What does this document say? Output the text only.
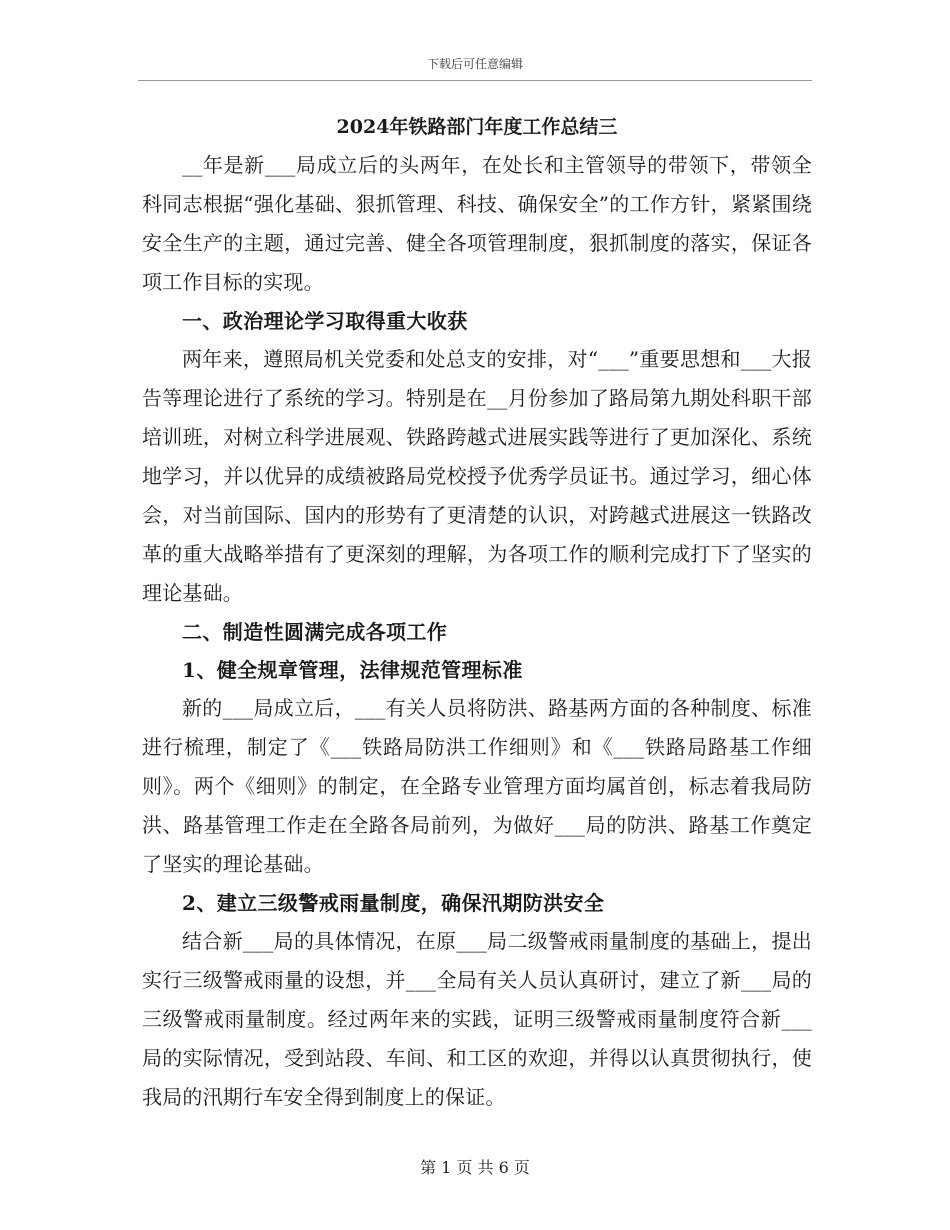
下载后可任意编辑

2024年铁路部门年度工作总结三

__年是新___局成立后的头两年，在处长和主管领导的带领下，带领全科同志根据“强化基础、狠抓管理、科技、确保安全”的工作方针，紧紧围绕安全生产的主题，通过完善、健全各项管理制度，狠抓制度的落实，保证各项工作目标的实现。

一、政治理论学习取得重大收获

两年来，遵照局机关党委和处总支的安排，对“___”重要思想和___大报告等理论进行了系统的学习。特别是在__月份参加了路局第九期处科职干部培训班，对树立科学进展观、铁路跨越式进展实践等进行了更加深化、系统地学习，并以优异的成绩被路局党校授予优秀学员证书。通过学习，细心体会，对当前国际、国内的形势有了更清楚的认识，对跨越式进展这一铁路改革的重大战略举措有了更深刻的理解，为各项工作的顺利完成打下了坚实的理论基础。

二、制造性圆满完成各项工作

1、健全规章管理，法律规范管理标准

新的___局成立后，___有关人员将防洪、路基两方面的各种制度、标准进行梳理，制定了《___铁路局防洪工作细则》和《___铁路局路基工作细则》。两个《细则》的制定，在全路专业管理方面均属首创，标志着我局防洪、路基管理工作走在全路各局前列，为做好___局的防洪、路基工作奠定了坚实的理论基础。

2、建立三级警戒雨量制度，确保汛期防洪安全

结合新___局的具体情况，在原___局二级警戒雨量制度的基础上，提出实行三级警戒雨量的设想，并___全局有关人员认真研讨，建立了新___局的三级警戒雨量制度。经过两年来的实践，证明三级警戒雨量制度符合新___局的实际情况，受到站段、车间、和工区的欢迎，并得以认真贯彻执行，使我局的汛期行车安全得到制度上的保证。

第 1 页 共 6 页
